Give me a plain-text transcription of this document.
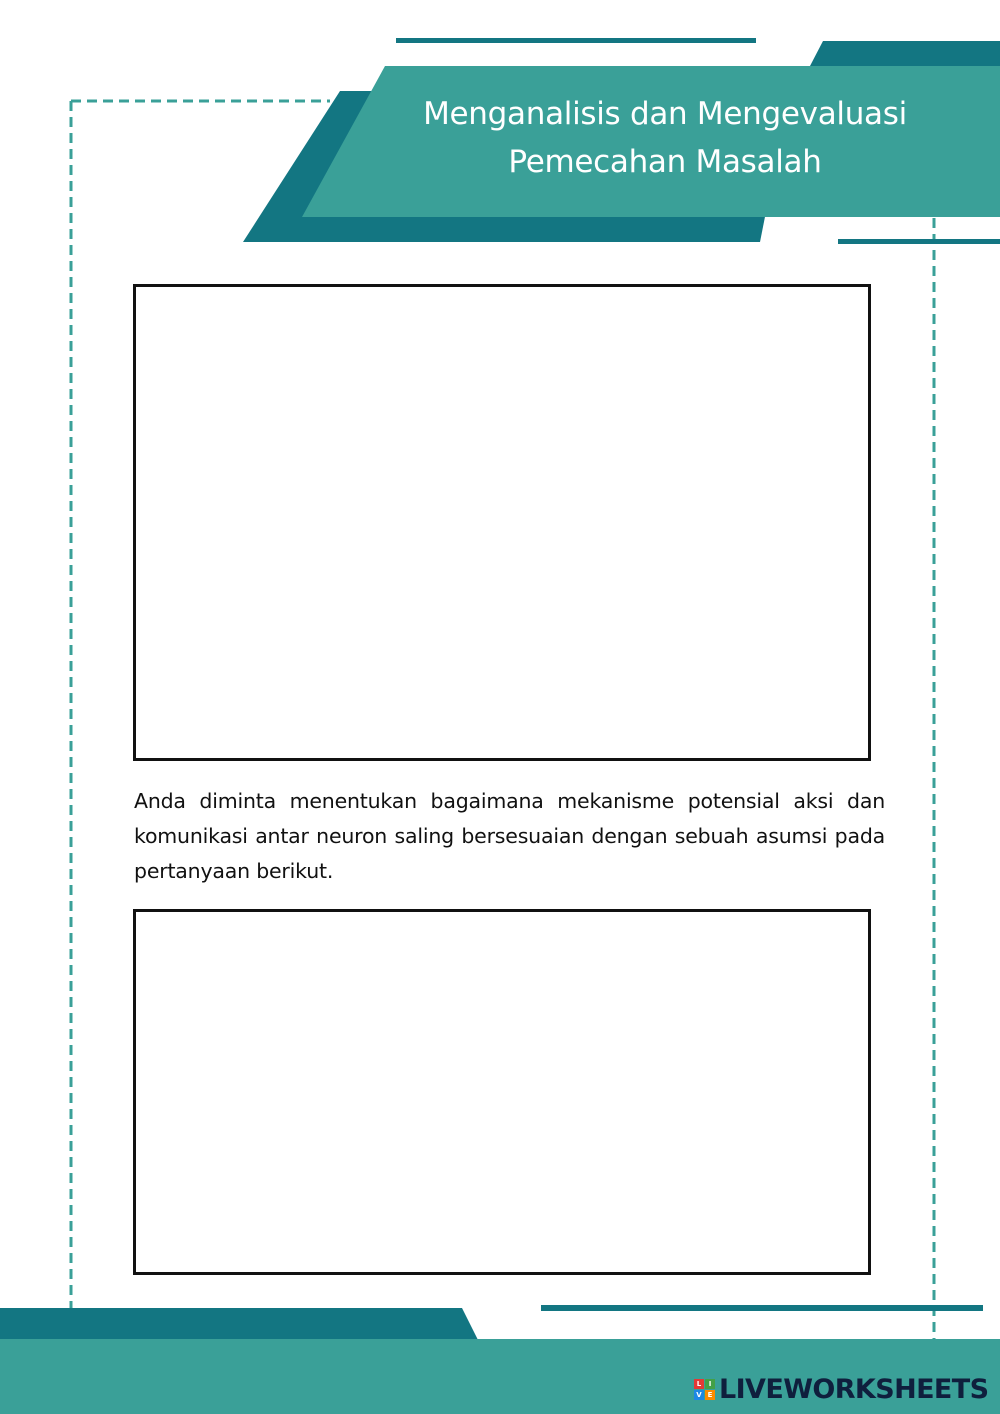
Menganalisis dan Mengevaluasi
Pemecahan Masalah

Anda diminta menentukan bagaimana mekanisme potensial aksi dan komunikasi antar neuron saling bersesuaian dengan sebuah asumsi pada pertanyaan berikut.

L	I
V E LIVEWORKSHEETS
